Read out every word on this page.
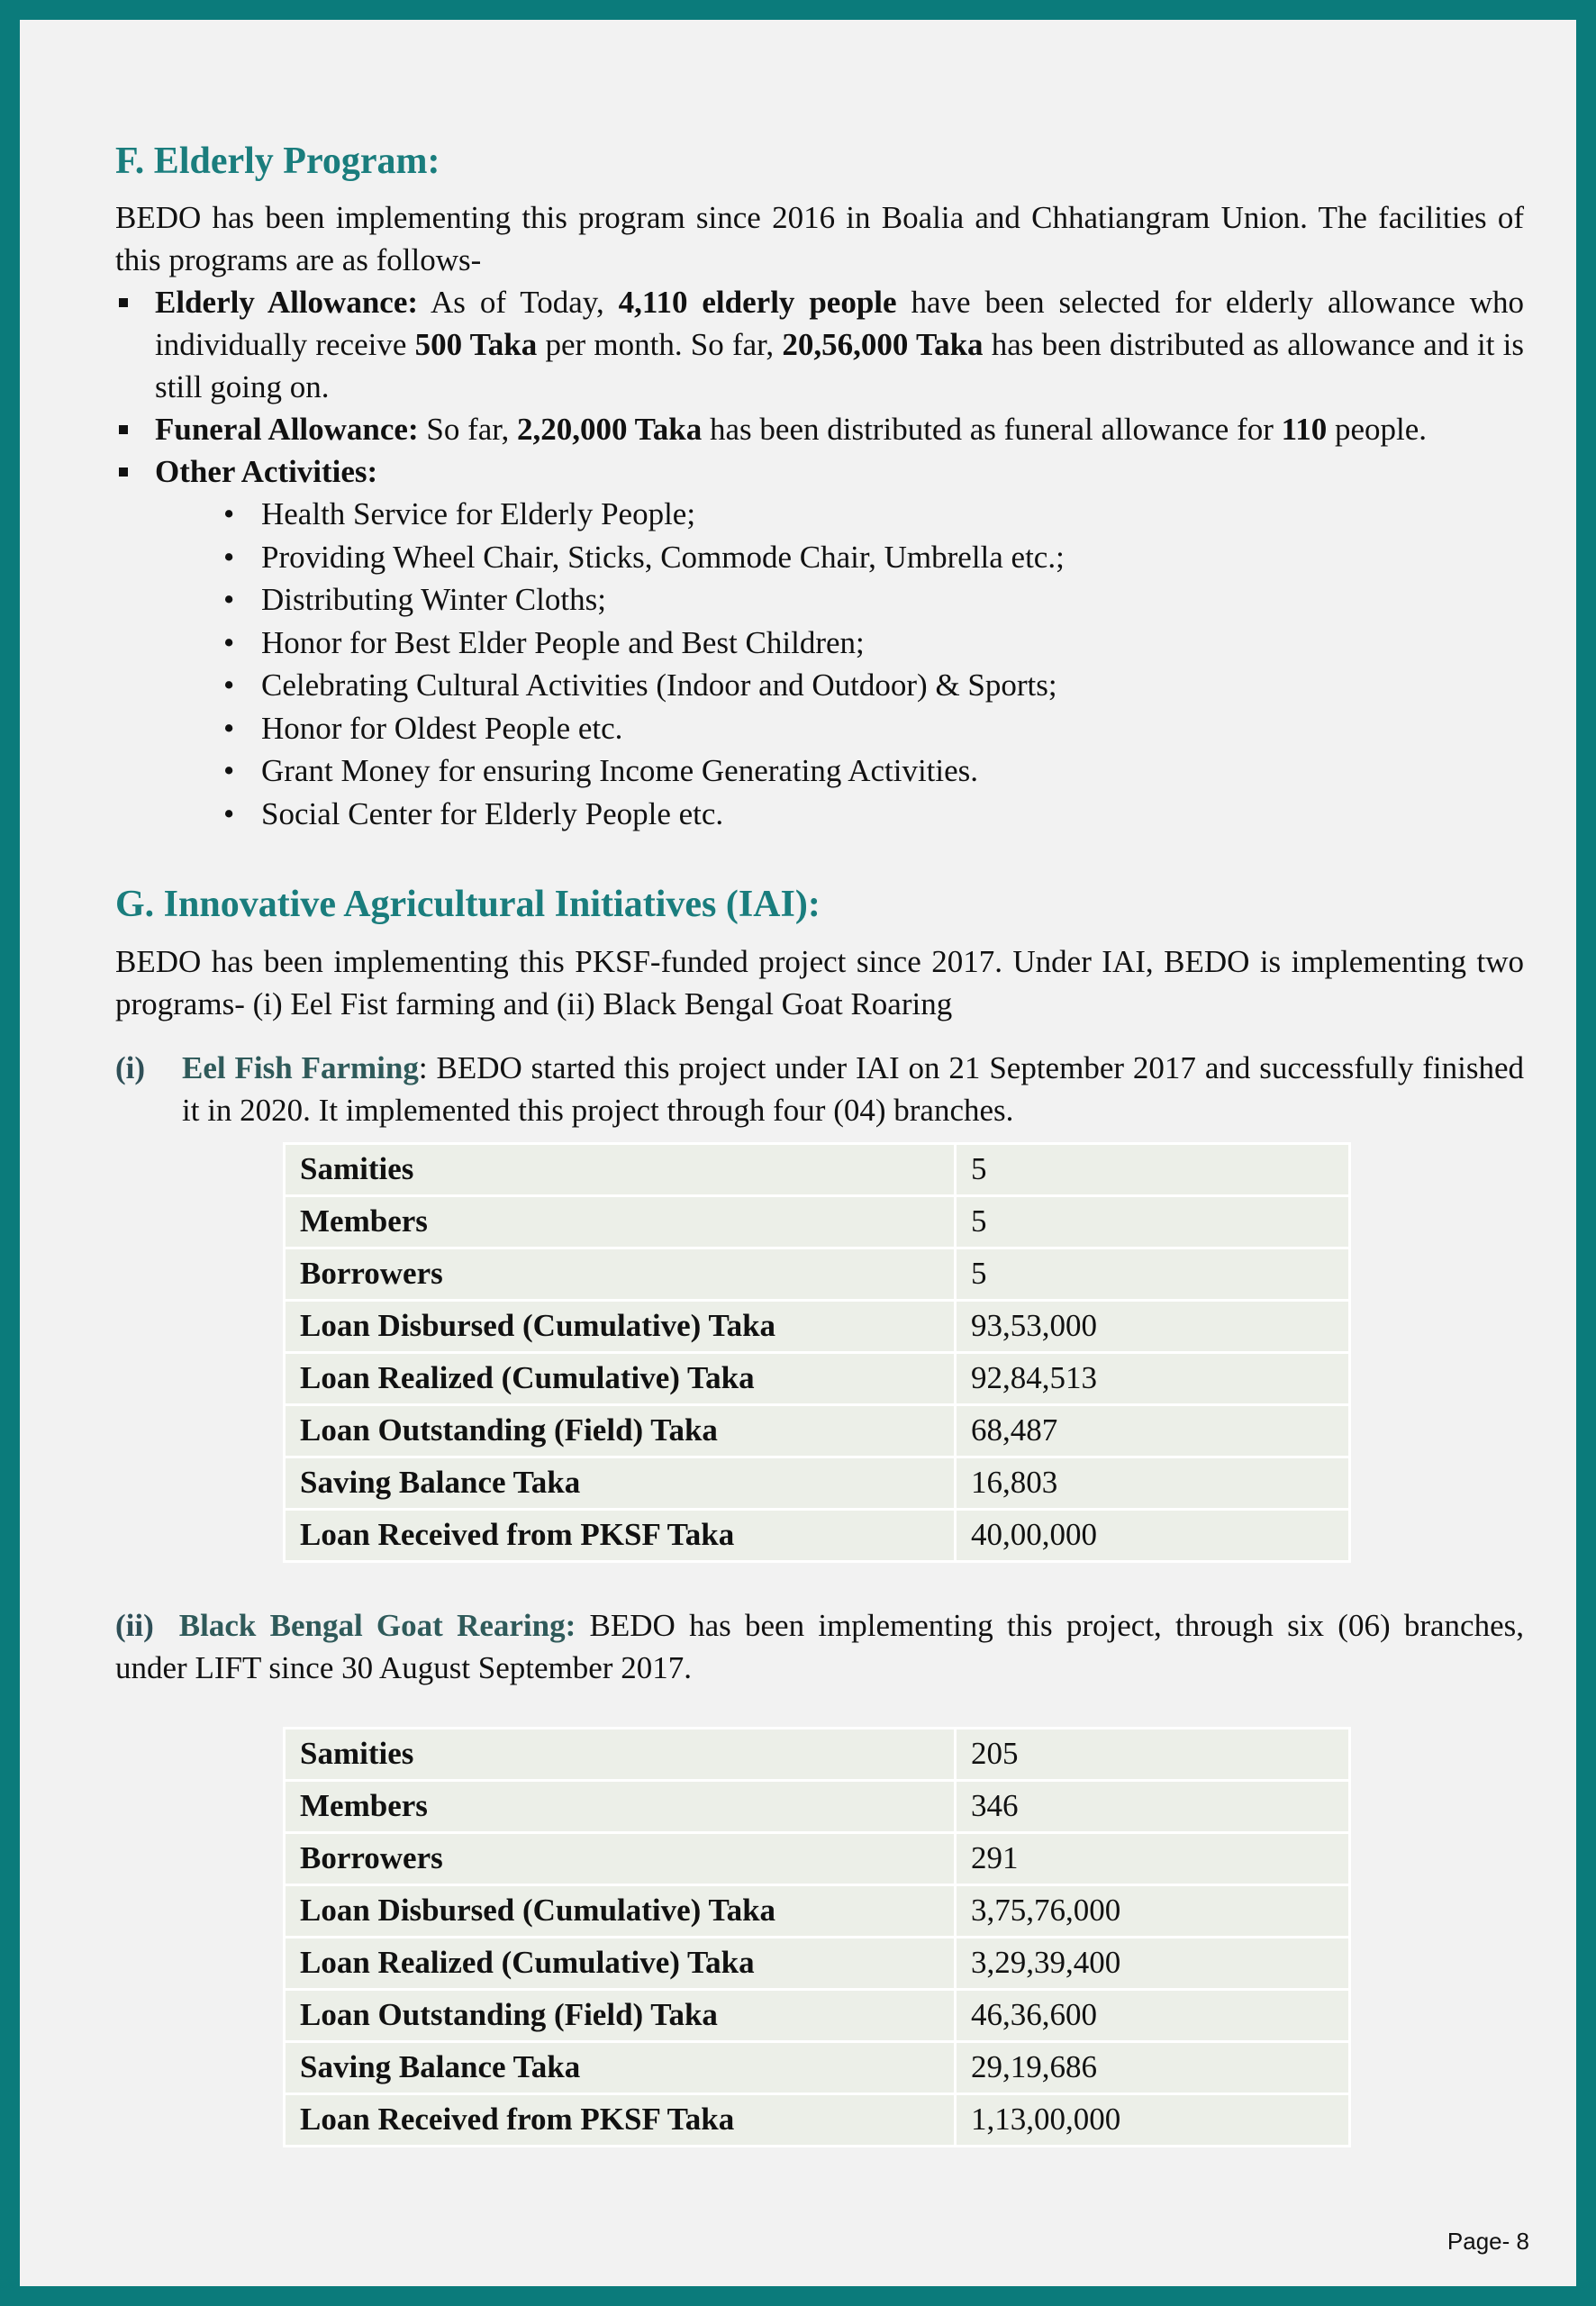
F. Elderly Program:

BEDO has been implementing this program since 2016 in Boalia and Chhatiangram Union. The facilities of this programs are as follows-

Elderly Allowance: As of Today, 4,110 elderly people have been selected for elderly allowance who individually receive 500 Taka per month. So far, 20,56,000 Taka has been distributed as allowance and it is still going on.
Funeral Allowance: So far, 2,20,000 Taka has been distributed as funeral allowance for 110 people.
Other Activities:
• Health Service for Elderly People;
• Providing Wheel Chair, Sticks, Commode Chair, Umbrella etc.;
• Distributing Winter Cloths;
• Honor for Best Elder People and Best Children;
• Celebrating Cultural Activities (Indoor and Outdoor) & Sports;
• Honor for Oldest People etc.
• Grant Money for ensuring Income Generating Activities.
• Social Center for Elderly People etc.
G. Innovative Agricultural Initiatives (IAI):

BEDO has been implementing this PKSF-funded project since 2017. Under IAI, BEDO is implementing two programs- (i) Eel Fist farming and (ii) Black Bengal Goat Roaring

(i) Eel Fish Farming: BEDO started this project under IAI on 21 September 2017 and successfully finished it in 2020. It implemented this project through four (04) branches.
Samities	5
Members	5
Borrowers	5
Loan Disbursed (Cumulative) Taka	93,53,000
Loan Realized (Cumulative) Taka	92,84,513
Loan Outstanding (Field) Taka	68,487
Saving Balance Taka	16,803
Loan Received from PKSF Taka	40,00,000
(ii) Black Bengal Goat Rearing: BEDO has been implementing this project, through six (06) branches, under LIFT since 30 August September 2017.
Samities	205
Members	346
Borrowers	291
Loan Disbursed (Cumulative) Taka	3,75,76,000
Loan Realized (Cumulative) Taka	3,29,39,400
Loan Outstanding (Field) Taka	46,36,600
Saving Balance Taka	29,19,686
Loan Received from PKSF Taka	1,13,00,000
Page- 8
